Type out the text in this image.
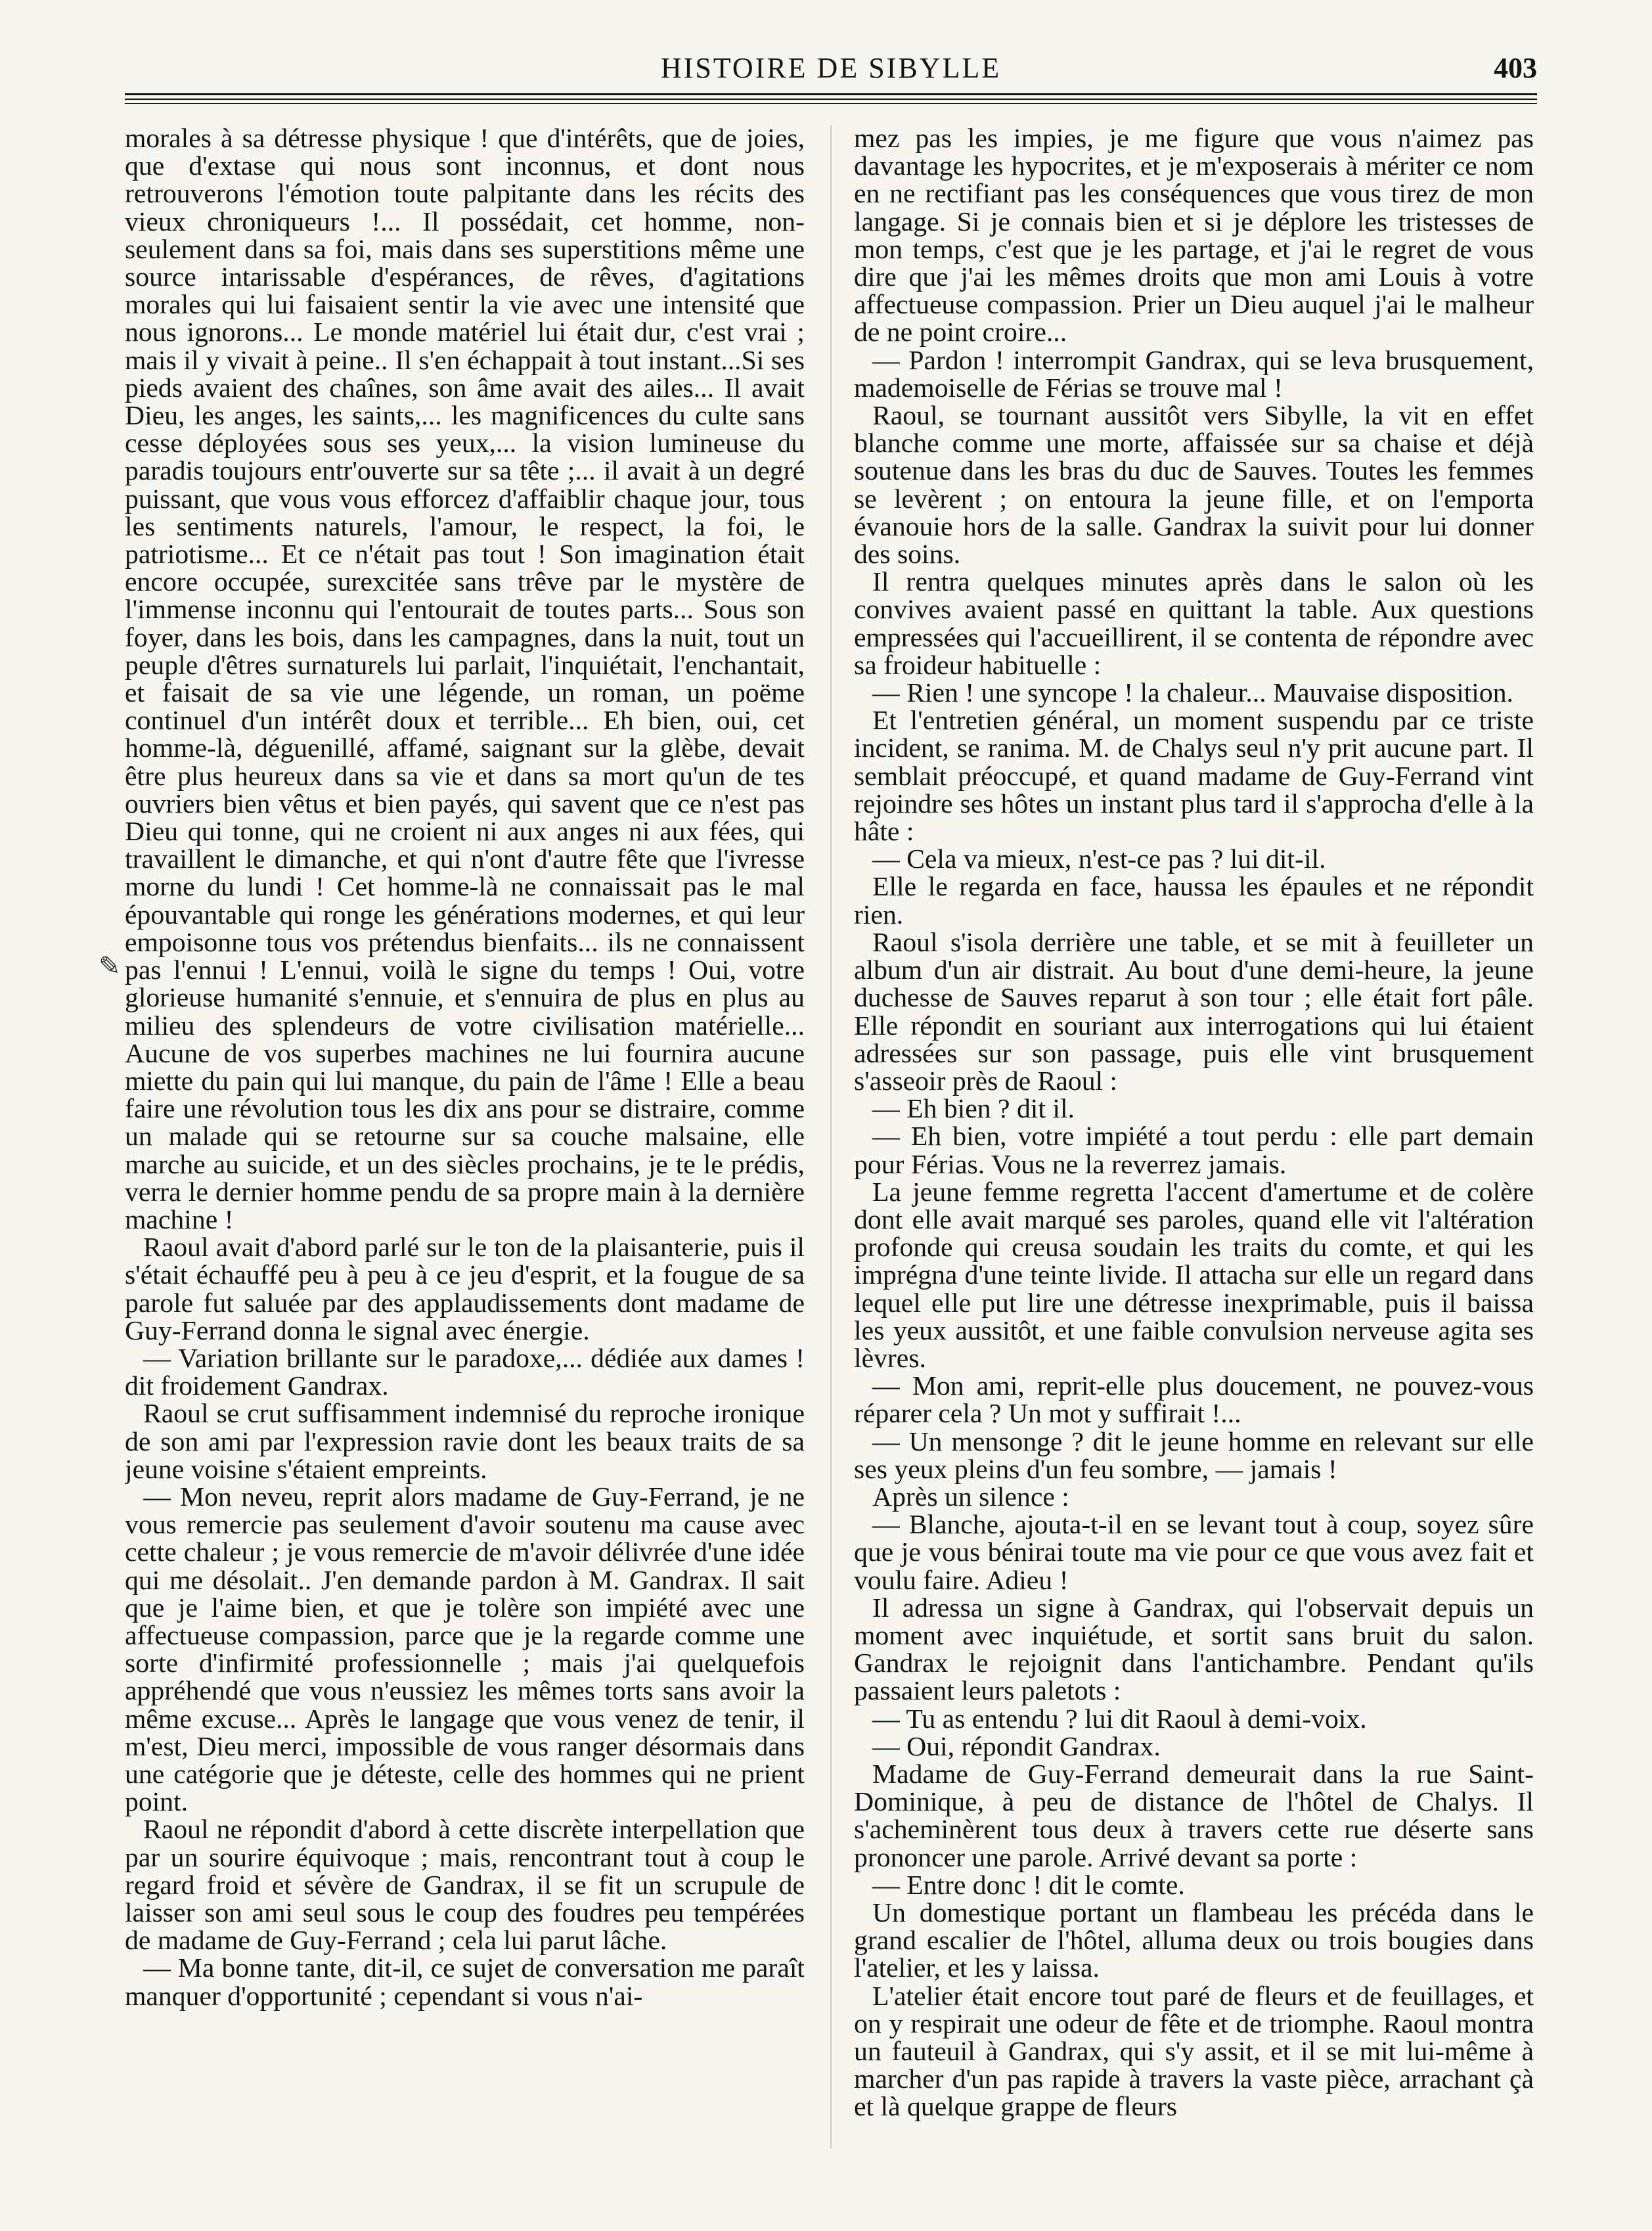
HISTOIRE DE SIBYLLE	403
✎

morales à sa détresse physique ! que d'intérêts, que de joies, que d'extase qui nous sont inconnus, et dont nous retrouverons l'émotion toute palpitante dans les récits des vieux chroniqueurs !... Il possédait, cet homme, non-seulement dans sa foi, mais dans ses superstitions même une source intarissable d'espérances, de rêves, d'agitations morales qui lui faisaient sentir la vie avec une intensité que nous ignorons... Le monde matériel lui était dur, c'est vrai ; mais il y vivait à peine.. Il s'en échappait à tout instant...Si ses pieds avaient des chaînes, son âme avait des ailes... Il avait Dieu, les anges, les saints,... les magnificences du culte sans cesse déployées sous ses yeux,... la vision lumineuse du paradis toujours entr'ouverte sur sa tête ;... il avait à un degré puissant, que vous vous efforcez d'affaiblir chaque jour, tous les sentiments naturels, l'amour, le respect, la foi, le patriotisme... Et ce n'était pas tout ! Son imagination était encore occupée, surexcitée sans trêve par le mystère de l'immense inconnu qui l'entourait de toutes parts... Sous son foyer, dans les bois, dans les campagnes, dans la nuit, tout un peuple d'êtres surnaturels lui parlait, l'inquiétait, l'enchantait, et faisait de sa vie une légende, un roman, un poëme continuel d'un intérêt doux et terrible... Eh bien, oui, cet homme-là, déguenillé, affamé, saignant sur la glèbe, devait être plus heureux dans sa vie et dans sa mort qu'un de tes ouvriers bien vêtus et bien payés, qui savent que ce n'est pas Dieu qui tonne, qui ne croient ni aux anges ni aux fées, qui travaillent le dimanche, et qui n'ont d'autre fête que l'ivresse morne du lundi ! Cet homme-là ne connaissait pas le mal épouvantable qui ronge les générations modernes, et qui leur empoisonne tous vos prétendus bienfaits... ils ne connaissent pas l'ennui ! L'ennui, voilà le signe du temps ! Oui, votre glorieuse humanité s'ennuie, et s'ennuira de plus en plus au milieu des splendeurs de votre civilisation matérielle... Aucune de vos superbes machines ne lui fournira aucune miette du pain qui lui manque, du pain de l'âme ! Elle a beau faire une révolution tous les dix ans pour se distraire, comme un malade qui se retourne sur sa couche malsaine, elle marche au suicide, et un des siècles prochains, je te le prédis, verra le dernier homme pendu de sa propre main à la dernière machine !

Raoul avait d'abord parlé sur le ton de la plaisanterie, puis il s'était échauffé peu à peu à ce jeu d'esprit, et la fougue de sa parole fut saluée par des applaudissements dont madame de Guy-Ferrand donna le signal avec énergie.

— Variation brillante sur le paradoxe,... dédiée aux dames ! dit froidement Gandrax.

Raoul se crut suffisamment indemnisé du reproche ironique de son ami par l'expression ravie dont les beaux traits de sa jeune voisine s'étaient empreints.

— Mon neveu, reprit alors madame de Guy-Ferrand, je ne vous remercie pas seulement d'avoir soutenu ma cause avec cette chaleur ; je vous remercie de m'avoir délivrée d'une idée qui me désolait.. J'en demande pardon à M. Gandrax. Il sait que je l'aime bien, et que je tolère son impiété avec une affectueuse compassion, parce que je la regarde comme une sorte d'infirmité professionnelle ; mais j'ai quelquefois appréhendé que vous n'eussiez les mêmes torts sans avoir la même excuse... Après le langage que vous venez de tenir, il m'est, Dieu merci, impossible de vous ranger désormais dans une catégorie que je déteste, celle des hommes qui ne prient point.

Raoul ne répondit d'abord à cette discrète interpellation que par un sourire équivoque ; mais, rencontrant tout à coup le regard froid et sévère de Gandrax, il se fit un scrupule de laisser son ami seul sous le coup des foudres peu tempérées de madame de Guy-Ferrand ; cela lui parut lâche.

— Ma bonne tante, dit-il, ce sujet de conversation me paraît manquer d'opportunité ; cependant si vous n'ai-

mez pas les impies, je me figure que vous n'aimez pas davantage les hypocrites, et je m'exposerais à mériter ce nom en ne rectifiant pas les conséquences que vous tirez de mon langage. Si je connais bien et si je déplore les tristesses de mon temps, c'est que je les partage, et j'ai le regret de vous dire que j'ai les mêmes droits que mon ami Louis à votre affectueuse compassion. Prier un Dieu auquel j'ai le malheur de ne point croire...

— Pardon ! interrompit Gandrax, qui se leva brusquement, mademoiselle de Férias se trouve mal !

Raoul, se tournant aussitôt vers Sibylle, la vit en effet blanche comme une morte, affaissée sur sa chaise et déjà soutenue dans les bras du duc de Sauves. Toutes les femmes se levèrent ; on entoura la jeune fille, et on l'emporta évanouie hors de la salle. Gandrax la suivit pour lui donner des soins.

Il rentra quelques minutes après dans le salon où les convives avaient passé en quittant la table. Aux questions empressées qui l'accueillirent, il se contenta de répondre avec sa froideur habituelle :

— Rien ! une syncope ! la chaleur... Mauvaise disposition.

Et l'entretien général, un moment suspendu par ce triste incident, se ranima. M. de Chalys seul n'y prit aucune part. Il semblait préoccupé, et quand madame de Guy-Ferrand vint rejoindre ses hôtes un instant plus tard il s'approcha d'elle à la hâte :

— Cela va mieux, n'est-ce pas ? lui dit-il.

Elle le regarda en face, haussa les épaules et ne répondit rien.

Raoul s'isola derrière une table, et se mit à feuilleter un album d'un air distrait. Au bout d'une demi-heure, la jeune duchesse de Sauves reparut à son tour ; elle était fort pâle. Elle répondit en souriant aux interrogations qui lui étaient adressées sur son passage, puis elle vint brusquement s'asseoir près de Raoul :

— Eh bien ? dit il.

— Eh bien, votre impiété a tout perdu : elle part demain pour Férias. Vous ne la reverrez jamais.

La jeune femme regretta l'accent d'amertume et de colère dont elle avait marqué ses paroles, quand elle vit l'altération profonde qui creusa soudain les traits du comte, et qui les imprégna d'une teinte livide. Il attacha sur elle un regard dans lequel elle put lire une détresse inexprimable, puis il baissa les yeux aussitôt, et une faible convulsion nerveuse agita ses lèvres.

— Mon ami, reprit-elle plus doucement, ne pouvez-vous réparer cela ? Un mot y suffirait !...

— Un mensonge ? dit le jeune homme en relevant sur elle ses yeux pleins d'un feu sombre, — jamais !

Après un silence :

— Blanche, ajouta-t-il en se levant tout à coup, soyez sûre que je vous bénirai toute ma vie pour ce que vous avez fait et voulu faire. Adieu !

Il adressa un signe à Gandrax, qui l'observait depuis un moment avec inquiétude, et sortit sans bruit du salon. Gandrax le rejoignit dans l'antichambre. Pendant qu'ils passaient leurs paletots :

— Tu as entendu ? lui dit Raoul à demi-voix.

— Oui, répondit Gandrax.

Madame de Guy-Ferrand demeurait dans la rue Saint-Dominique, à peu de distance de l'hôtel de Chalys. Il s'acheminèrent tous deux à travers cette rue déserte sans prononcer une parole. Arrivé devant sa porte :

— Entre donc ! dit le comte.

Un domestique portant un flambeau les précéda dans le grand escalier de l'hôtel, alluma deux ou trois bougies dans l'atelier, et les y laissa.

L'atelier était encore tout paré de fleurs et de feuillages, et on y respirait une odeur de fête et de triomphe. Raoul montra un fauteuil à Gandrax, qui s'y assit, et il se mit lui-même à marcher d'un pas rapide à travers la vaste pièce, arrachant çà et là quelque grappe de fleurs
